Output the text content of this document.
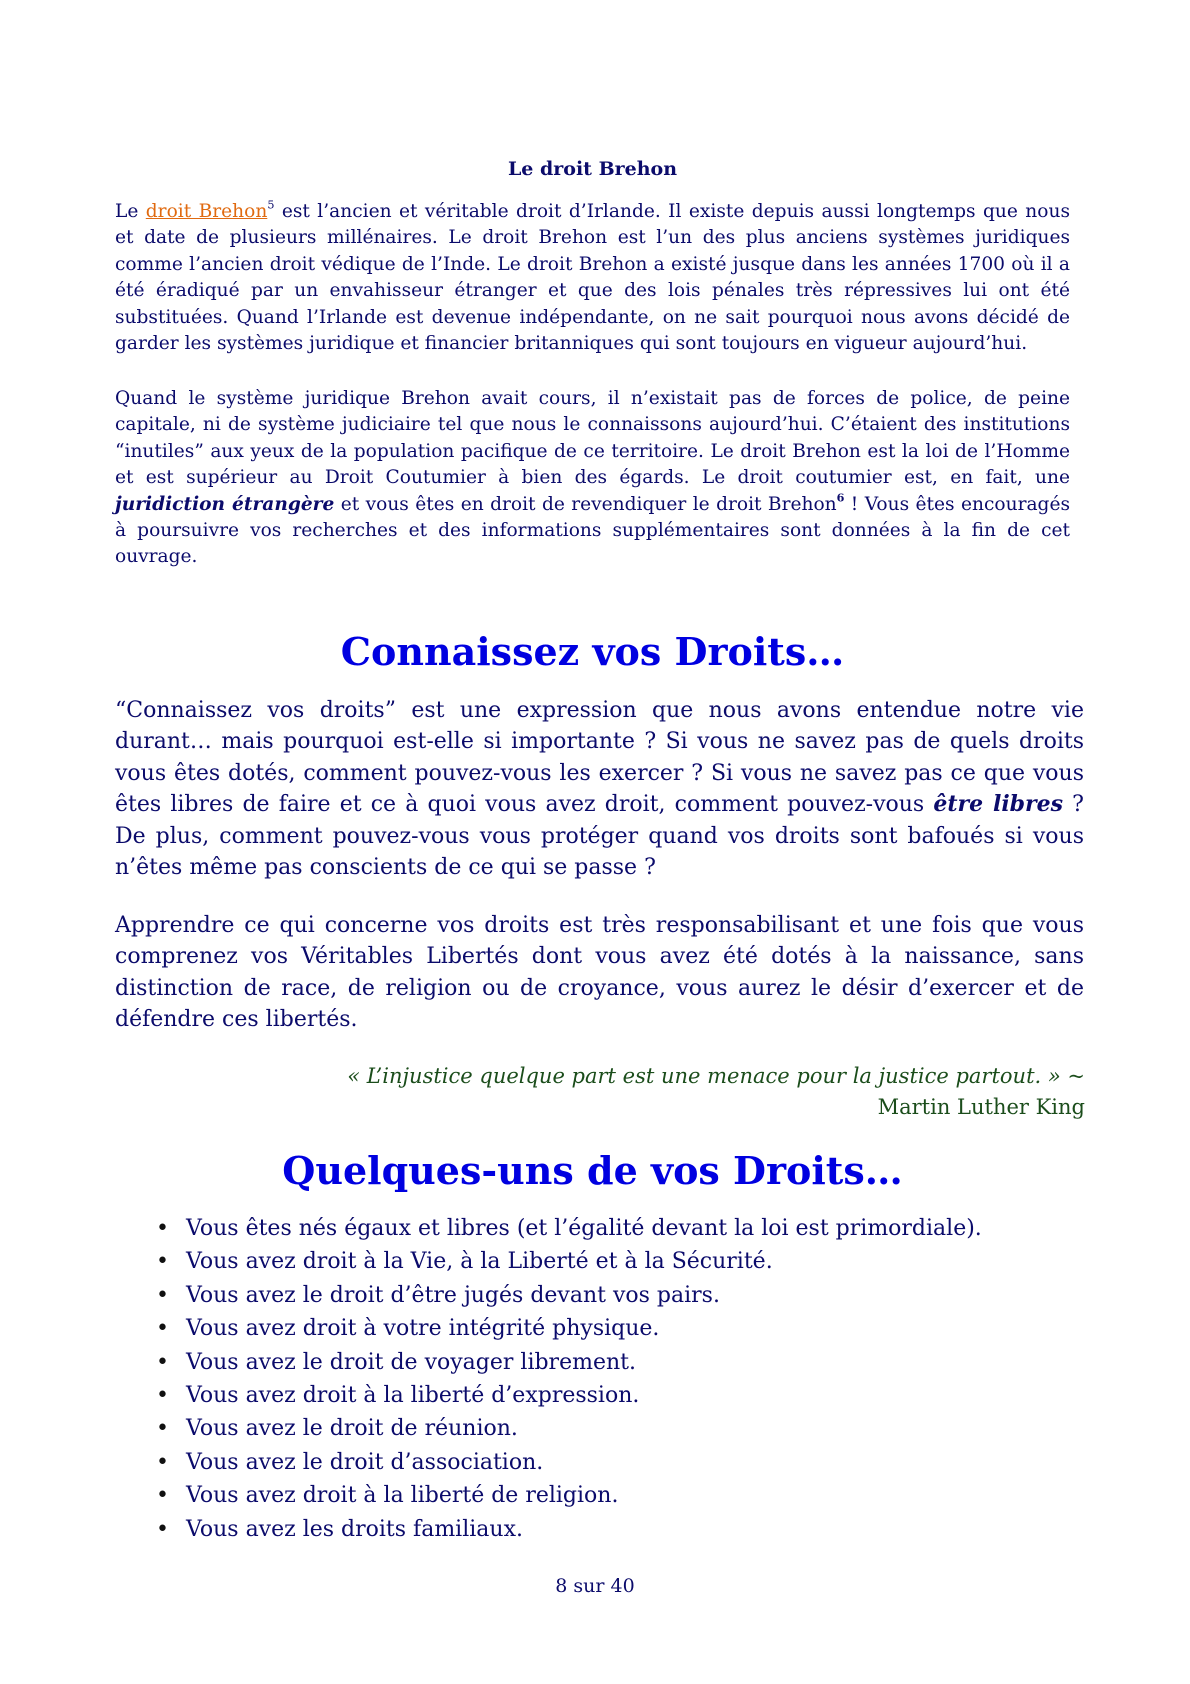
Le droit Brehon

Le droit Brehon$^5$ est l’ancien et véritable droit d’Irlande. Il existe depuis aussi longtemps que nous et date de plusieurs millénaires. Le droit Brehon est l’un des plus anciens systèmes juridiques comme l’ancien droit védique de l’Inde. Le droit Brehon a existé jusque dans les années 1700 où il a été éradiqué par un envahisseur étranger et que des lois pénales très répressives lui ont été substituées. Quand l’Irlande est devenue indépendante, on ne sait pourquoi nous avons décidé de garder les systèmes juridique et financier britanniques qui sont toujours en vigueur aujourd’hui.

Quand le système juridique Brehon avait cours, il n’existait pas de forces de police, de peine capitale, ni de système judiciaire tel que nous le connaissons aujourd’hui. C’étaient des institutions “inutiles” aux yeux de la population pacifique de ce territoire. Le droit Brehon est la loi de l’Homme et est supérieur au Droit Coutumier à bien des égards. Le droit coutumier est, en fait, une juridiction étrangère et vous êtes en droit de revendiquer le droit Brehon$^6$ ! Vous êtes encouragés à poursuivre vos recherches et des informations supplémentaires sont données à la fin de cet ouvrage.

Connaissez vos Droits…

“Connaissez vos droits” est une expression que nous avons entendue notre vie durant… mais pourquoi est-elle si importante ? Si vous ne savez pas de quels droits vous êtes dotés, comment pouvez-vous les exercer ? Si vous ne savez pas ce que vous êtes libres de faire et ce à quoi vous avez droit, comment pouvez-vous être libres ? De plus, comment pouvez-vous vous protéger quand vos droits sont bafoués si vous n’êtes même pas conscients de ce qui se passe ?

Apprendre ce qui concerne vos droits est très responsabilisant et une fois que vous comprenez vos Véritables Libertés dont vous avez été dotés à la naissance, sans distinction de race, de religion ou de croyance, vous aurez le désir d’exercer et de défendre ces libertés.

« L’injustice quelque part est une menace pour la justice partout. » ~
Martin Luther King
Quelques-uns de vos Droits…
• Vous êtes nés égaux et libres (et l’égalité devant la loi est primordiale).
• Vous avez droit à la Vie, à la Liberté et à la Sécurité.
• Vous avez le droit d’être jugés devant vos pairs.
• Vous avez droit à votre intégrité physique.
• Vous avez le droit de voyager librement.
• Vous avez droit à la liberté d’expression.
• Vous avez le droit de réunion.
• Vous avez le droit d’association.
• Vous avez droit à la liberté de religion.
• Vous avez les droits familiaux.
8 sur 40
